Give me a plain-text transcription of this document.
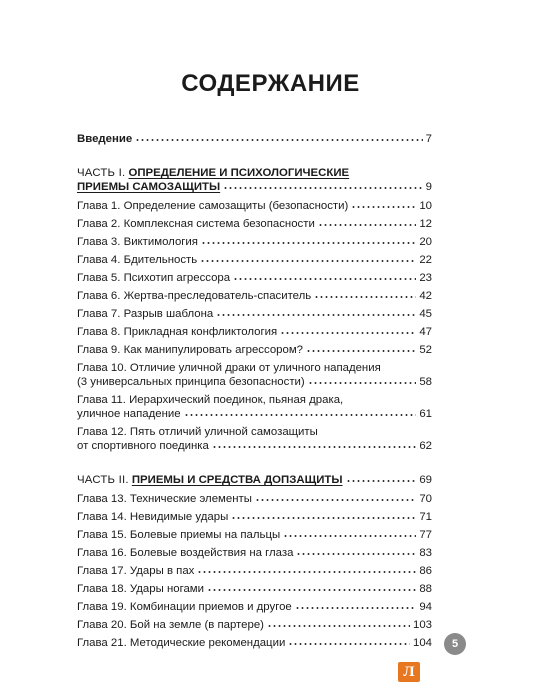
СОДЕРЖАНИЕ
Введение	7
ЧАСТЬ I. ОПРЕДЕЛЕНИЕ И ПСИХОЛОГИЧЕСКИЕ
ПРИЕМЫ САМОЗАЩИТЫ	9
Глава 1. Определение самозащиты (безопасности)	10
Глава 2. Комплексная система безопасности	12
Глава 3. Виктимология	20
Глава 4. Бдительность	22
Глава 5. Психотип агрессора	23
Глава 6. Жертва-преследователь-спаситель	42
Глава 7. Разрыв шаблона	45
Глава 8. Прикладная конфликтология	47
Глава 9. Как манипулировать агрессором?	52
Глава 10. Отличие уличной драки от уличного нападения
(3 универсальных принципа безопасности)	58
Глава 11. Иерархический поединок, пьяная драка,
уличное нападение	61
Глава 12. Пять отличий уличной самозащиты
от спортивного поединка	62
ЧАСТЬ II. ПРИЕМЫ И СРЕДСТВА ДОПЗАЩИТЫ	69
Глава 13. Технические элементы	70
Глава 14. Невидимые удары	71
Глава 15. Болевые приемы на пальцы	77
Глава 16. Болевые воздействия на глаза	83
Глава 17. Удары в пах	86
Глава 18. Удары ногами	88
Глава 19. Комбинации приемов и другое	94
Глава 20. Бой на земле (в партере)	103
Глава 21. Методические рекомендации	104	5
Л
